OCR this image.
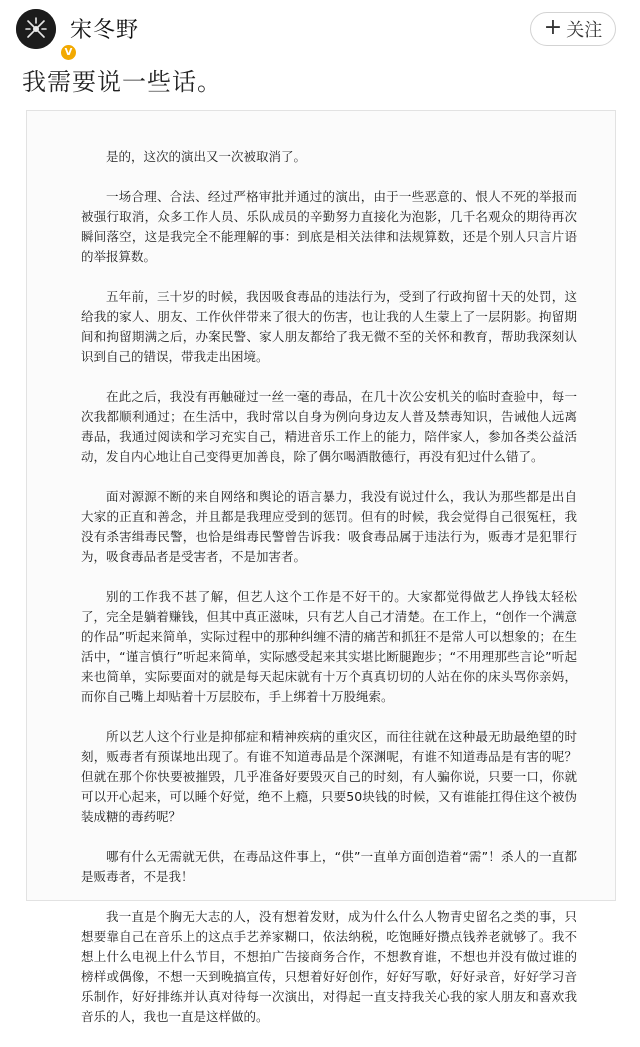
V
宋冬野	+ 关注
我需要说一些话。

是的，这次的演出又一次被取消了。

一场合理、合法、经过严格审批并通过的演出，由于一些恶意的、恨人不死的举报而被强行取消，众多工作人员、乐队成员的辛勤努力直接化为泡影，几千名观众的期待再次瞬间落空，这是我完全不能理解的事：到底是相关法律和法规算数，还是个别人只言片语的举报算数。

五年前，三十岁的时候，我因吸食毒品的违法行为，受到了行政拘留十天的处罚，这给我的家人、朋友、工作伙伴带来了很大的伤害，也让我的人生蒙上了一层阴影。拘留期间和拘留期满之后，办案民警、家人朋友都给了我无微不至的关怀和教育，帮助我深刻认识到自己的错误，带我走出困境。

在此之后，我没有再触碰过一丝一毫的毒品，在几十次公安机关的临时查验中，每一次我都顺利通过；在生活中，我时常以自身为例向身边友人普及禁毒知识，告诫他人远离毒品，我通过阅读和学习充实自己，精进音乐工作上的能力，陪伴家人，参加各类公益活动，发自内心地让自己变得更加善良，除了偶尔喝酒散德行，再没有犯过什么错了。

面对源源不断的来自网络和舆论的语言暴力，我没有说过什么，我认为那些都是出自大家的正直和善念，并且都是我理应受到的惩罚。但有的时候，我会觉得自己很冤枉，我没有杀害缉毒民警，也恰是缉毒民警曾告诉我：吸食毒品属于违法行为，贩毒才是犯罪行为，吸食毒品者是受害者，不是加害者。

别的工作我不甚了解，但艺人这个工作是不好干的。大家都觉得做艺人挣钱太轻松了，完全是躺着赚钱，但其中真正滋味，只有艺人自己才清楚。在工作上，“创作一个满意的作品”听起来简单，实际过程中的那种纠缠不清的痛苦和抓狂不是常人可以想象的；在生活中，“谨言慎行”听起来简单，实际感受起来其实堪比断腿跑步；“不用理那些言论”听起来也简单，实际要面对的就是每天起床就有十万个真真切切的人站在你的床头骂你亲妈，而你自己嘴上却贴着十万层胶布，手上绑着十万股绳索。

所以艺人这个行业是抑郁症和精神疾病的重灾区，而往往就在这种最无助最绝望的时刻，贩毒者有预谋地出现了。有谁不知道毒品是个深渊呢，有谁不知道毒品是有害的呢？但就在那个你快要被摧毁，几乎准备好要毁灭自己的时刻，有人骗你说，只要一口，你就可以开心起来，可以睡个好觉，绝不上瘾，只要50块钱的时候，又有谁能扛得住这个被伪装成糖的毒药呢？

哪有什么无需就无供，在毒品这件事上，“供”一直单方面创造着“需”！杀人的一直都是贩毒者，不是我！

我一直是个胸无大志的人，没有想着发财，成为什么什么人物青史留名之类的事，只想要靠自己在音乐上的这点手艺养家糊口，依法纳税，吃饱睡好攒点钱养老就够了。我不想上什么电视上什么节目，不想拍广告接商务合作，不想教育谁，不想也并没有做过谁的榜样或偶像，不想一天到晚搞宣传，只想着好好创作，好好写歌，好好录音，好好学习音乐制作，好好排练并认真对待每一次演出，对得起一直支持我关心我的家人朋友和喜欢我音乐的人，我也一直是这样做的。
